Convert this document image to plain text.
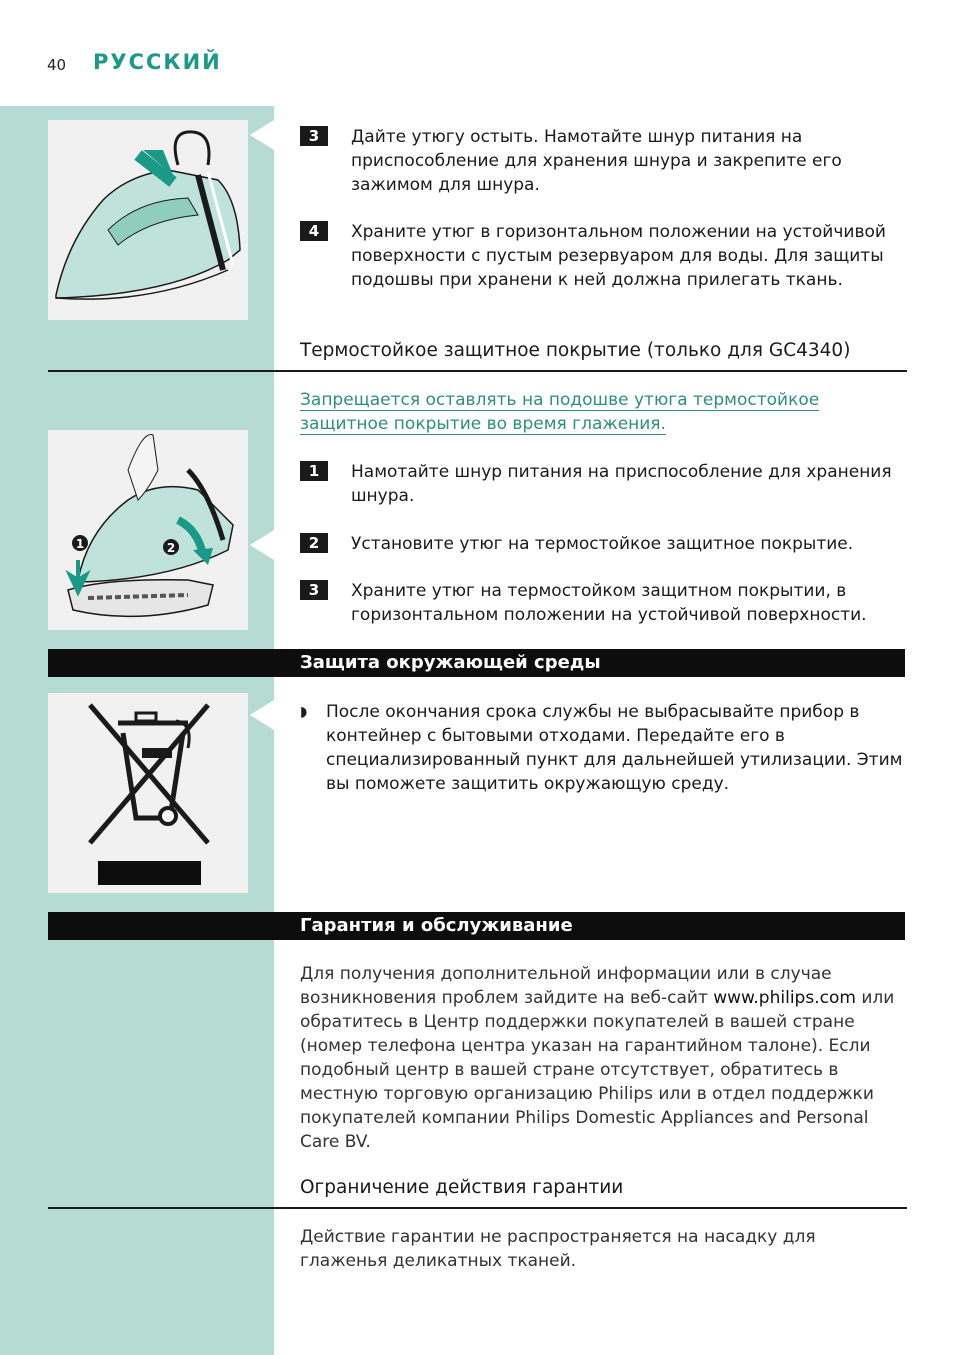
40 РУССКИЙ
3	Дайте утюгу остыть. Намотайте шнур питания на приспособление для хранения шнура и закрепите его зажимом для шнура.
4	Храните утюг в горизонтальном положении на устойчивой поверхности с пустым резервуаром для воды. Для защиты подошвы при хранени к ней должна прилегать ткань.
Термостойкое защитное покрытие (только для GC4340)
Запрещается оставлять на подошве утюга термостойкое защитное покрытие во время глажения.
1	2
1	Намотайте шнур питания на приспособление для хранения шнура.
2	Установите утюг на термостойкое защитное покрытие.
3	Храните утюг на термостойком защитном покрытии, в горизонтальном положении на устойчивой поверхности.
Защита окружающей среды
◗ После окончания срока службы не выбрасывайте прибор в контейнер с бытовыми отходами. Передайте его в специализированный пункт для дальнейшей утилизации. Этим вы поможете защитить окружающую среду.
Гарантия и обслуживание
Для получения дополнительной информации или в случае возникновения проблем зайдите на веб-сайт www.philips.com или обратитесь в Центр поддержки покупателей в вашей стране (номер телефона центра указан на гарантийном талоне). Если подобный центр в вашей стране отсутствует, обратитесь в местную торговую организацию Philips или в отдел поддержки покупателей компании Philips Domestic Appliances and Personal Care BV.
Ограничение действия гарантии
Действие гарантии не распространяется на насадку для глаженья деликатных тканей.
